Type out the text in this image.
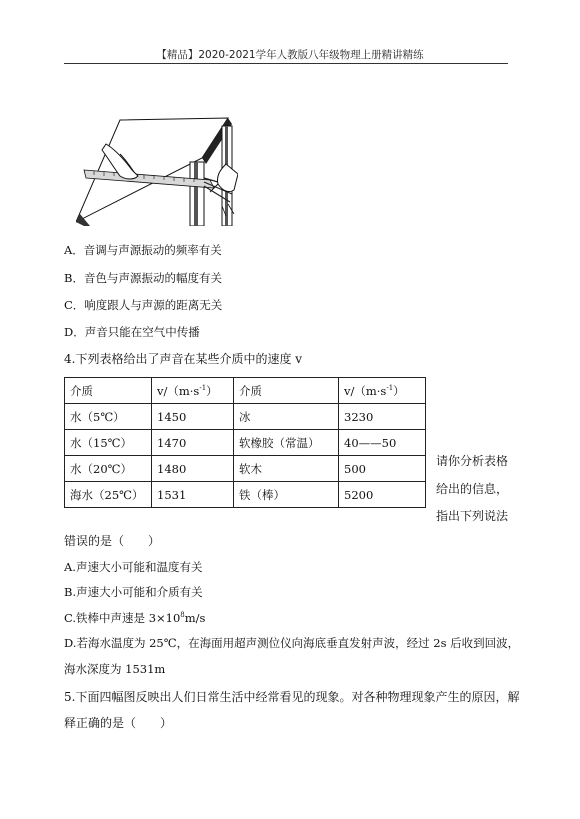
【精品】2020-2021学年人教版八年级物理上册精讲精练
A．音调与声源振动的频率有关
B．音色与声源振动的幅度有关
C．响度跟人与声源的距离无关
D．声音只能在空气中传播
4.下列表格给出了声音在某些介质中的速度 v
介质	$v/(m\cdot s^{-1})$	介质	$v/(m\cdot s^{-1})$
水（5℃）	1450	冰	3230
水（15℃）	1470	软橡胶（常温）	40——50
水（20℃）	1480	软木	500
海水（25℃）	1531	铁（棒）	5200
请你分析表格
给出的信息，
指出下列说法
错误的是（　　）
A.声速大小可能和温度有关
B.声速大小可能和介质有关
C.铁棒中声速是 $3\times 10^8m/s$
D.若海水温度为 25℃，在海面用超声测位仪向海底垂直发射声波，经过 2s 后收到回波，
海水深度为 1531m
5.下面四幅图反映出人们日常生活中经常看见的现象。对各种物理现象产生的原因，解
释正确的是（　　）
